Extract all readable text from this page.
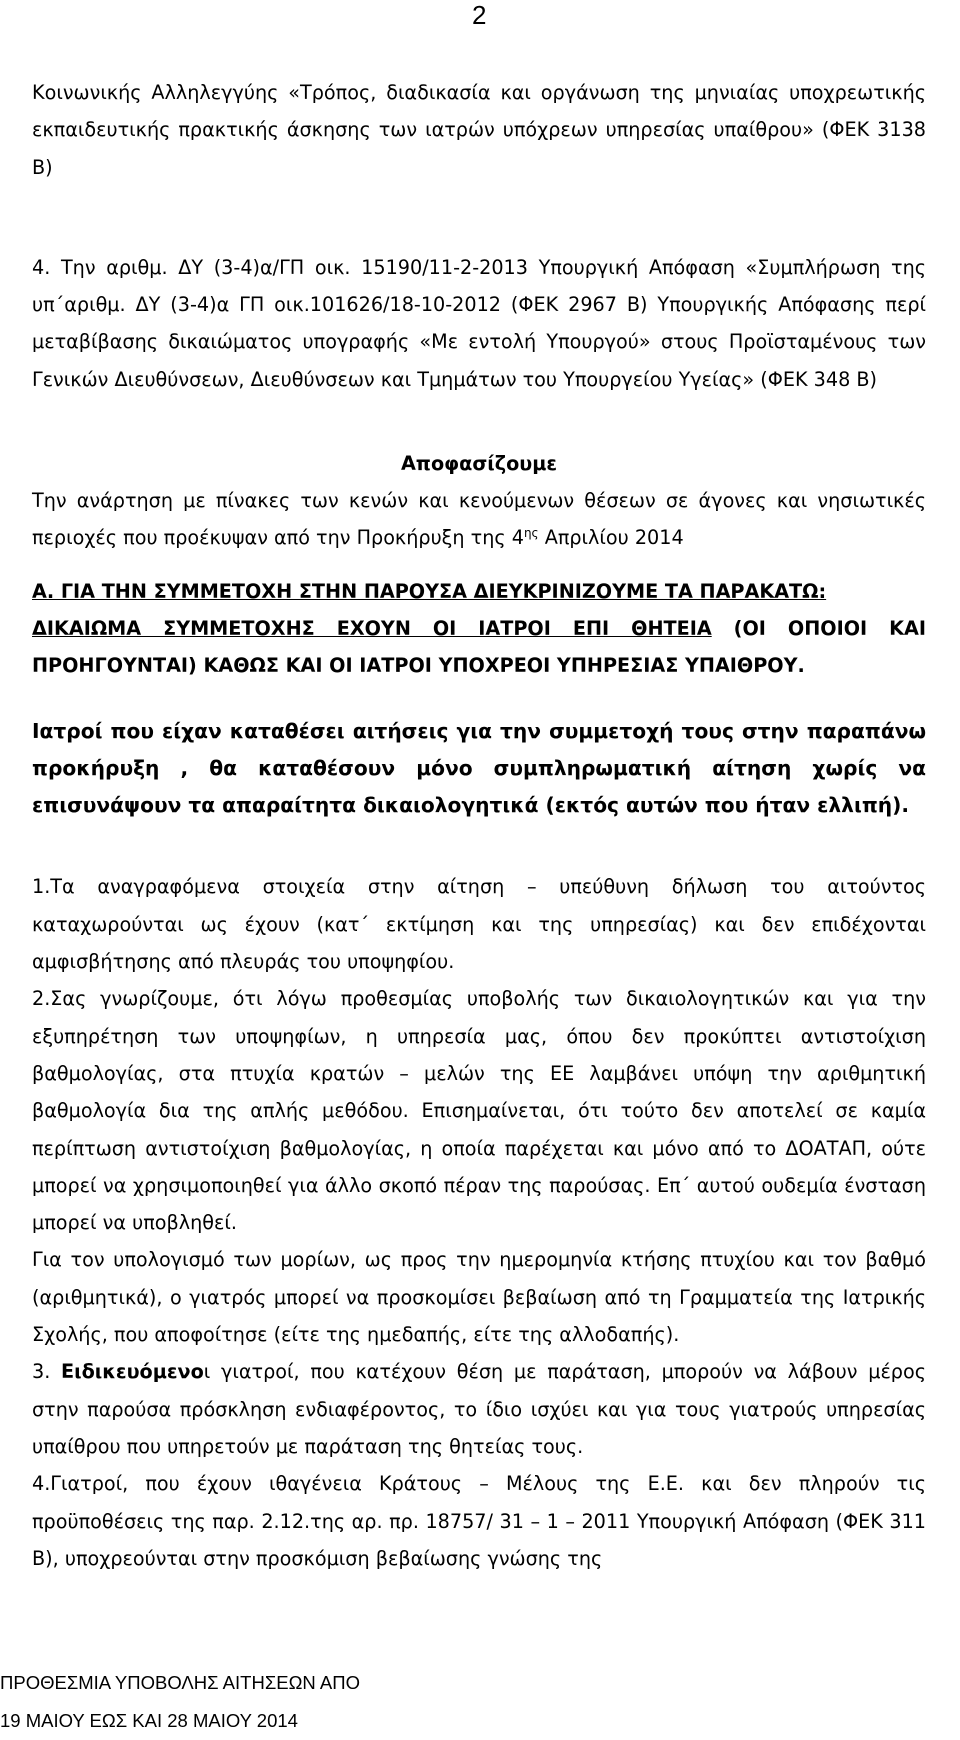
2

Κοινωνικής Αλληλεγγύης «Τρόπος, διαδικασία και οργάνωση της μηνιαίας υποχρεωτικής εκπαιδευτικής πρακτικής άσκησης των ιατρών υπόχρεων υπηρεσίας υπαίθρου» (ΦΕΚ 3138 Β)

4. Την αριθμ. ΔΥ (3-4)α/ΓΠ οικ. 15190/11-2-2013 Υπουργική Απόφαση «Συμπλήρωση της υπ΄αριθμ. ΔΥ (3-4)α ΓΠ οικ.101626/18-10-2012 (ΦΕΚ 2967 Β) Υπουργικής Απόφασης περί μεταβίβασης δικαιώματος υπογραφής «Με εντολή Υπουργού» στους Προϊσταμένους των Γενικών Διευθύνσεων, Διευθύνσεων και Τμημάτων του Υπουργείου Υγείας» (ΦΕΚ 348 Β)

Αποφασίζουμε

Την ανάρτηση με πίνακες των κενών και κενούμενων θέσεων σε άγονες και νησιωτικές περιοχές που προέκυψαν από την Προκήρυξη της $4^{\eta\varsigma}$ Απριλίου 2014

Α. ΓΙΑ ΤΗΝ ΣΥΜΜΕΤΟΧΗ ΣΤΗΝ ΠΑΡΟΥΣΑ ΔΙΕΥΚΡΙΝΙΖΟΥΜΕ ΤΑ ΠΑΡΑΚΑΤΩ:

ΔΙΚΑΙΩΜΑ ΣΥΜΜΕΤΟΧΗΣ ΕΧΟΥΝ ΟΙ ΙΑΤΡΟΙ ΕΠΙ ΘΗΤΕΙΑ (ΟΙ ΟΠΟΙΟΙ ΚΑΙ ΠΡΟΗΓΟΥΝΤΑΙ) ΚΑΘΩΣ ΚΑΙ ΟΙ ΙΑΤΡΟΙ ΥΠΟΧΡΕΟΙ ΥΠΗΡΕΣΙΑΣ ΥΠΑΙΘΡΟΥ.

Ιατροί που είχαν καταθέσει αιτήσεις για την συμμετοχή τους στην παραπάνω προκήρυξη , θα καταθέσουν μόνο συμπληρωματική αίτηση χωρίς να επισυνάψουν τα απαραίτητα δικαιολογητικά (εκτός αυτών που ήταν ελλιπή).

1.Τα αναγραφόμενα στοιχεία στην αίτηση – υπεύθυνη δήλωση του αιτούντος καταχωρούνται ως έχουν (κατ΄ εκτίμηση και της υπηρεσίας) και δεν επιδέχονται αμφισβήτησης από πλευράς του υποψηφίου.

2.Σας γνωρίζουμε, ότι λόγω προθεσμίας υποβολής των δικαιολογητικών και για την εξυπηρέτηση των υποψηφίων, η υπηρεσία μας, όπου δεν προκύπτει αντιστοίχιση βαθμολογίας, στα πτυχία κρατών – μελών της ΕΕ λαμβάνει υπόψη την αριθμητική βαθμολογία δια της απλής μεθόδου. Επισημαίνεται, ότι τούτο δεν αποτελεί σε καμία περίπτωση αντιστοίχιση βαθμολογίας, η οποία παρέχεται και μόνο από το ΔΟΑΤΑΠ, ούτε μπορεί να χρησιμοποιηθεί για άλλο σκοπό πέραν της παρούσας. Επ΄ αυτού ουδεμία ένσταση μπορεί να υποβληθεί.

Για τον υπολογισμό των μορίων, ως προς την ημερομηνία κτήσης πτυχίου και τον βαθμό (αριθμητικά), ο γιατρός μπορεί να προσκομίσει βεβαίωση από τη Γραμματεία της Ιατρικής Σχολής, που αποφοίτησε (είτε της ημεδαπής, είτε της αλλοδαπής).

3. Ειδικευόμενοι γιατροί, που κατέχουν θέση με παράταση, μπορούν να λάβουν μέρος στην παρούσα πρόσκληση ενδιαφέροντος, το ίδιο ισχύει και για τους γιατρούς υπηρεσίας υπαίθρου που υπηρετούν με παράταση της θητείας τους.

4.Γιατροί, που έχουν ιθαγένεια Κράτους – Μέλους της Ε.Ε. και δεν πληρούν τις προϋποθέσεις της παρ. 2.12.της αρ. πρ. 18757/ 31 – 1 – 2011 Υπουργική Απόφαση (ΦΕΚ 311 Β), υποχρεούνται στην προσκόμιση βεβαίωσης γνώσης της

ΠΡΟΘΕΣΜΙΑ ΥΠΟΒΟΛΗΣ ΑΙΤΗΣΕΩΝ ΑΠΟ
19 ΜΑΙΟΥ ΕΩΣ ΚΑΙ 28 ΜΑΙΟΥ 2014
